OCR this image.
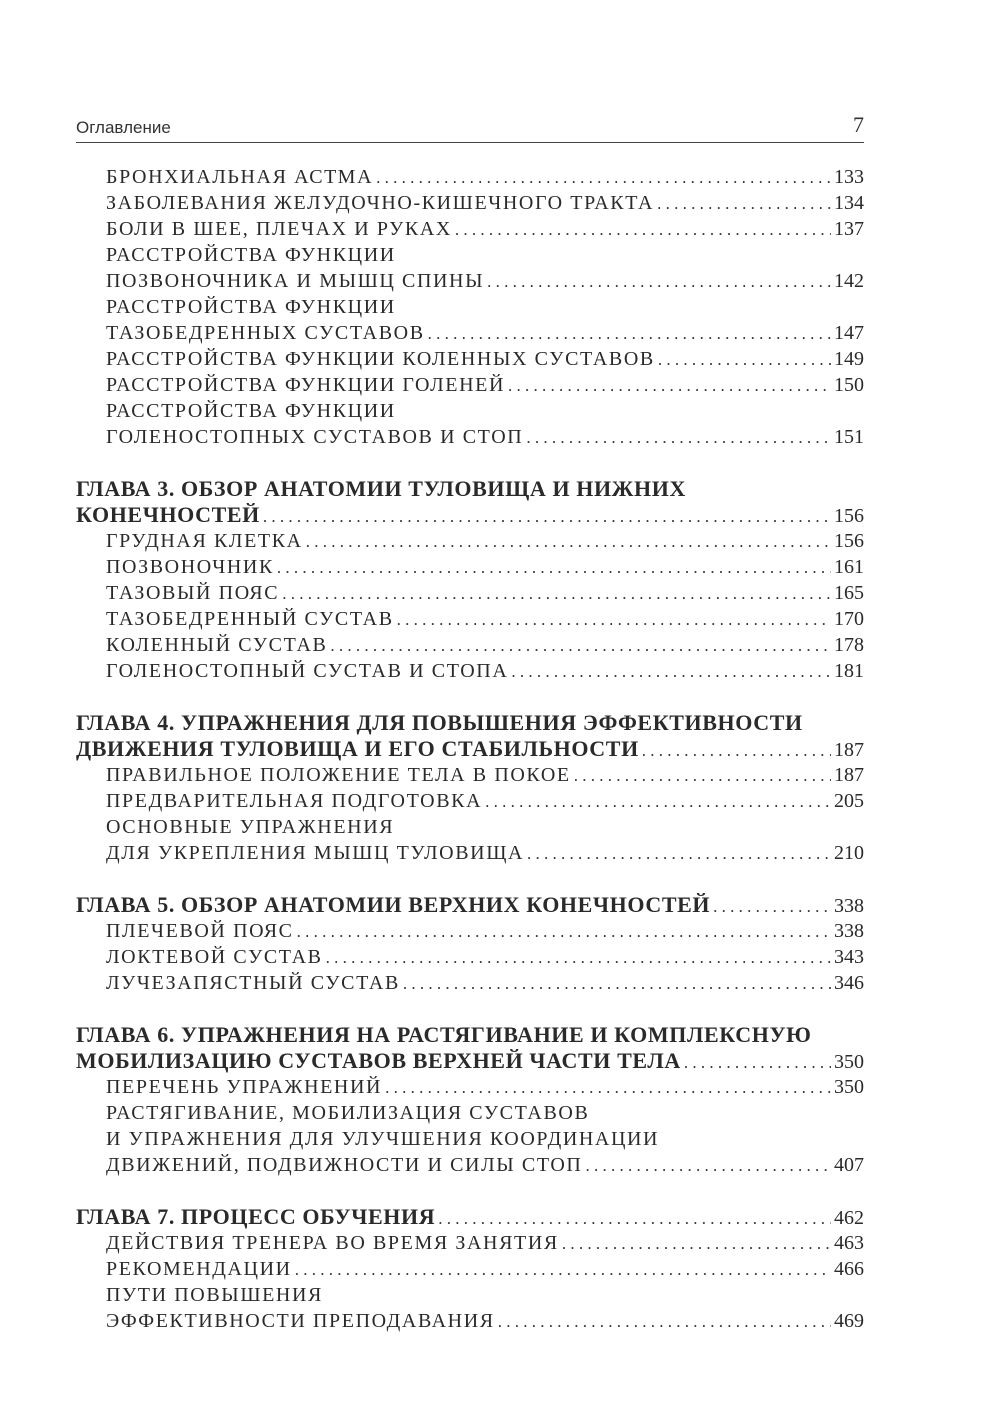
Оглавление	7
БРОНХИАЛЬНАЯ АСТМА . . .	133
ЗАБОЛЕВАНИЯ ЖЕЛУДОЧНО-КИШЕЧНОГО ТРАКТА . . .	134
БОЛИ В ШЕЕ, ПЛЕЧАХ И РУКАХ . . .	137
РАССТРОЙСТВА ФУНКЦИИ
ПОЗВОНОЧНИКА И МЫШЦ СПИНЫ . . .	142
РАССТРОЙСТВА ФУНКЦИИ
ТАЗОБЕДРЕННЫХ СУСТАВОВ . . .	147
РАССТРОЙСТВА ФУНКЦИИ КОЛЕННЫХ СУСТАВОВ . . .	149
РАССТРОЙСТВА ФУНКЦИИ ГОЛЕНЕЙ . . .	150
РАССТРОЙСТВА ФУНКЦИИ
ГОЛЕНОСТОПНЫХ СУСТАВОВ И СТОП . . .	151
ГЛАВА 3. ОБЗОР АНАТОМИИ ТУЛОВИЩА И НИЖНИХ
КОНЕЧНОСТЕЙ . . .	156
ГРУДНАЯ КЛЕТКА . . .	156
ПОЗВОНОЧНИК . . .	161
ТАЗОВЫЙ ПОЯС . . .	165
ТАЗОБЕДРЕННЫЙ СУСТАВ . . .	170
КОЛЕННЫЙ СУСТАВ . . .	178
ГОЛЕНОСТОПНЫЙ СУСТАВ И СТОПА . . .	181
ГЛАВА 4. УПРАЖНЕНИЯ ДЛЯ ПОВЫШЕНИЯ ЭФФЕКТИВНОСТИ
ДВИЖЕНИЯ ТУЛОВИЩА И ЕГО СТАБИЛЬНОСТИ . . .	187
ПРАВИЛЬНОЕ ПОЛОЖЕНИЕ ТЕЛА В ПОКОЕ . . .	187
ПРЕДВАРИТЕЛЬНАЯ ПОДГОТОВКА . . .	205
ОСНОВНЫЕ УПРАЖНЕНИЯ
ДЛЯ УКРЕПЛЕНИЯ МЫШЦ ТУЛОВИЩА . . .	210
ГЛАВА 5. ОБЗОР АНАТОМИИ ВЕРХНИХ КОНЕЧНОСТЕЙ . . .	338
ПЛЕЧЕВОЙ ПОЯС . . .	338
ЛОКТЕВОЙ СУСТАВ . . .	343
ЛУЧЕЗАПЯСТНЫЙ СУСТАВ . . .	346
ГЛАВА 6. УПРАЖНЕНИЯ НА РАСТЯГИВАНИЕ И КОМПЛЕКСНУЮ
МОБИЛИЗАЦИЮ СУСТАВОВ ВЕРХНЕЙ ЧАСТИ ТЕЛА . . .	350
ПЕРЕЧЕНЬ УПРАЖНЕНИЙ . . .	350
РАСТЯГИВАНИЕ, МОБИЛИЗАЦИЯ СУСТАВОВ
И УПРАЖНЕНИЯ ДЛЯ УЛУЧШЕНИЯ КООРДИНАЦИИ
ДВИЖЕНИЙ, ПОДВИЖНОСТИ И СИЛЫ СТОП . . .	407
ГЛАВА 7. ПРОЦЕСС ОБУЧЕНИЯ . . .	462
ДЕЙСТВИЯ ТРЕНЕРА ВО ВРЕМЯ ЗАНЯТИЯ . . .	463
РЕКОМЕНДАЦИИ . . .	466
ПУТИ ПОВЫШЕНИЯ
ЭФФЕКТИВНОСТИ ПРЕПОДАВАНИЯ . . .	469
